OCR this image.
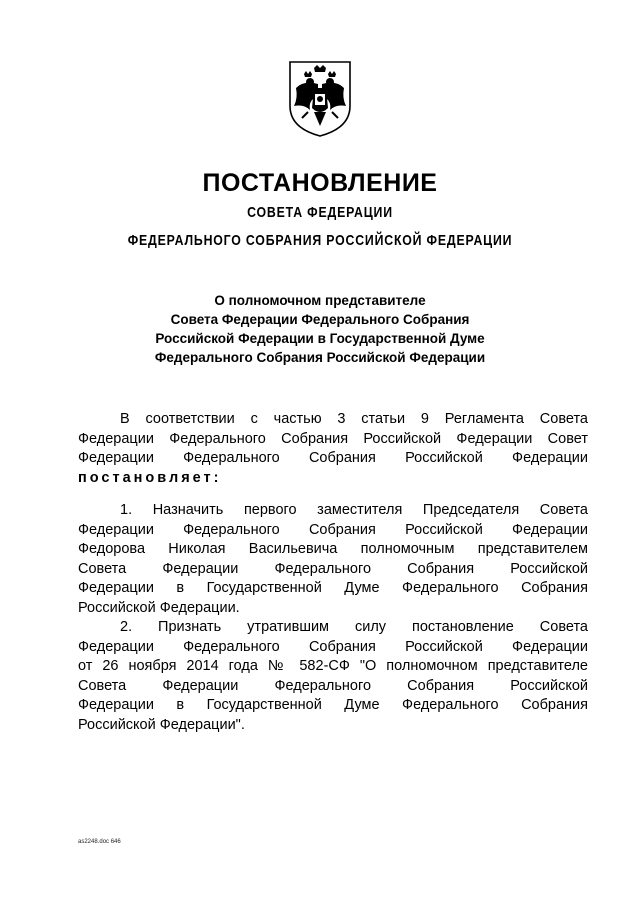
ПОСТАНОВЛЕНИЕ
СОВЕТА ФЕДЕРАЦИИ
ФЕДЕРАЛЬНОГО СОБРАНИЯ РОССИЙСКОЙ ФЕДЕРАЦИИ
О полномочном представителе
Совета Федерации Федерального Собрания
Российской Федерации в Государственной Думе
Федерального Собрания Российской Федерации
В соответствии с частью 3 статьи 9 Регламента Совета
Федерации Федерального Собрания Российской Федерации Совет
Федерации Федерального Собрания Российской Федерации
постановляет:
1. Назначить первого заместителя Председателя Совета
Федерации Федерального Собрания Российской Федерации
Федорова Николая Васильевича полномочным представителем
Совета Федерации Федерального Собрания Российской
Федерации в Государственной Думе Федерального Собрания
Российской Федерации.
2. Признать утратившим силу постановление Совета
Федерации Федерального Собрания Российской Федерации
от 26 ноября 2014 года № 582-СФ "О полномочном представителе
Совета Федерации Федерального Собрания Российской
Федерации в Государственной Думе Федерального Собрания
Российской Федерации".
as2248.doc 646
